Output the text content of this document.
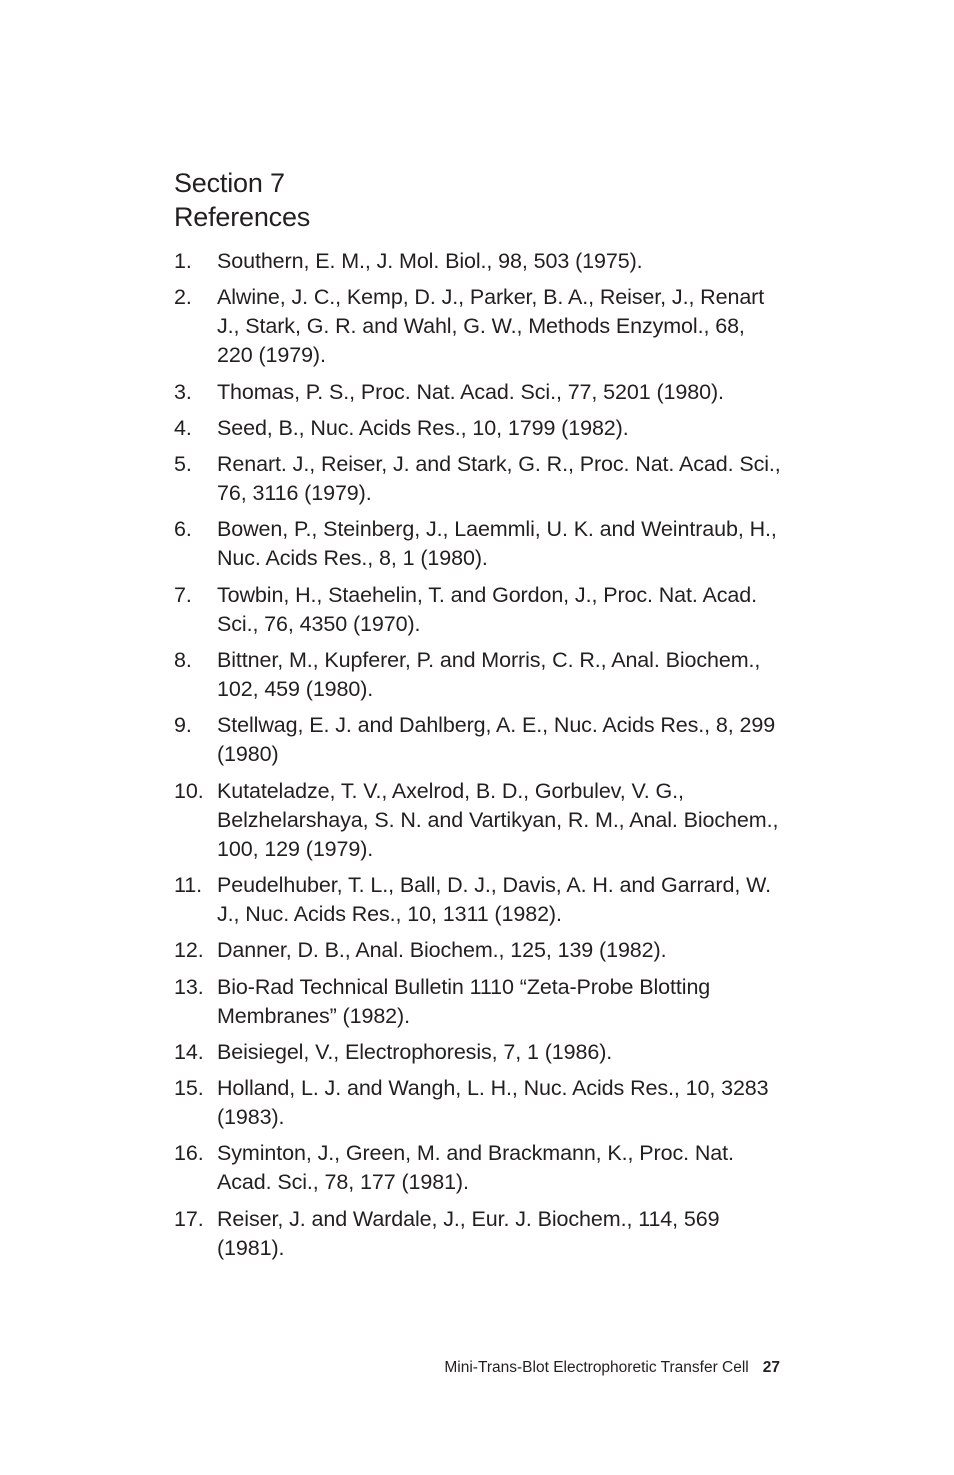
Section 7
References
1.	Southern, E. M., J. Mol. Biol., 98, 503 (1975).
2.	Alwine, J. C., Kemp, D. J., Parker, B. A., Reiser, J., Renart J., Stark, G. R. and Wahl, G. W., Methods Enzymol., 68, 220 (1979).
3.	Thomas, P. S., Proc. Nat. Acad. Sci., 77, 5201 (1980).
4.	Seed, B., Nuc. Acids Res., 10, 1799 (1982).
5.	Renart. J., Reiser, J. and Stark, G. R., Proc. Nat. Acad. Sci., 76, 3116 (1979).
6.	Bowen, P., Steinberg, J., Laemmli, U. K. and Weintraub, H., Nuc. Acids Res., 8, 1 (1980).
7.	Towbin, H., Staehelin, T. and Gordon, J., Proc. Nat. Acad. Sci., 76, 4350 (1970).
8.	Bittner, M., Kupferer, P. and Morris, C. R., Anal. Biochem., 102, 459 (1980).
9.	Stellwag, E. J. and Dahlberg, A. E., Nuc. Acids Res., 8, 299 (1980)
10. Kutateladze, T. V., Axelrod, B. D., Gorbulev, V. G., Belzhelarshaya, S. N. and Vartikyan, R. M., Anal. Biochem., 100, 129 (1979).
11. Peudelhuber, T. L., Ball, D. J., Davis, A. H. and Garrard, W. J., Nuc. Acids Res., 10, 1311 (1982).
12. Danner, D. B., Anal. Biochem., 125, 139 (1982).
13. Bio-Rad Technical Bulletin 1110 “Zeta-Probe Blotting Membranes” (1982).
14. Beisiegel, V., Electrophoresis, 7, 1 (1986).
15. Holland, L. J. and Wangh, L. H., Nuc. Acids Res., 10, 3283 (1983).
16. Syminton, J., Green, M. and Brackmann, K., Proc. Nat. Acad. Sci., 78, 177 (1981).
17. Reiser, J. and Wardale, J., Eur. J. Biochem., 114, 569 (1981).
Mini-Trans-Blot Electrophoretic Transfer Cell 27
